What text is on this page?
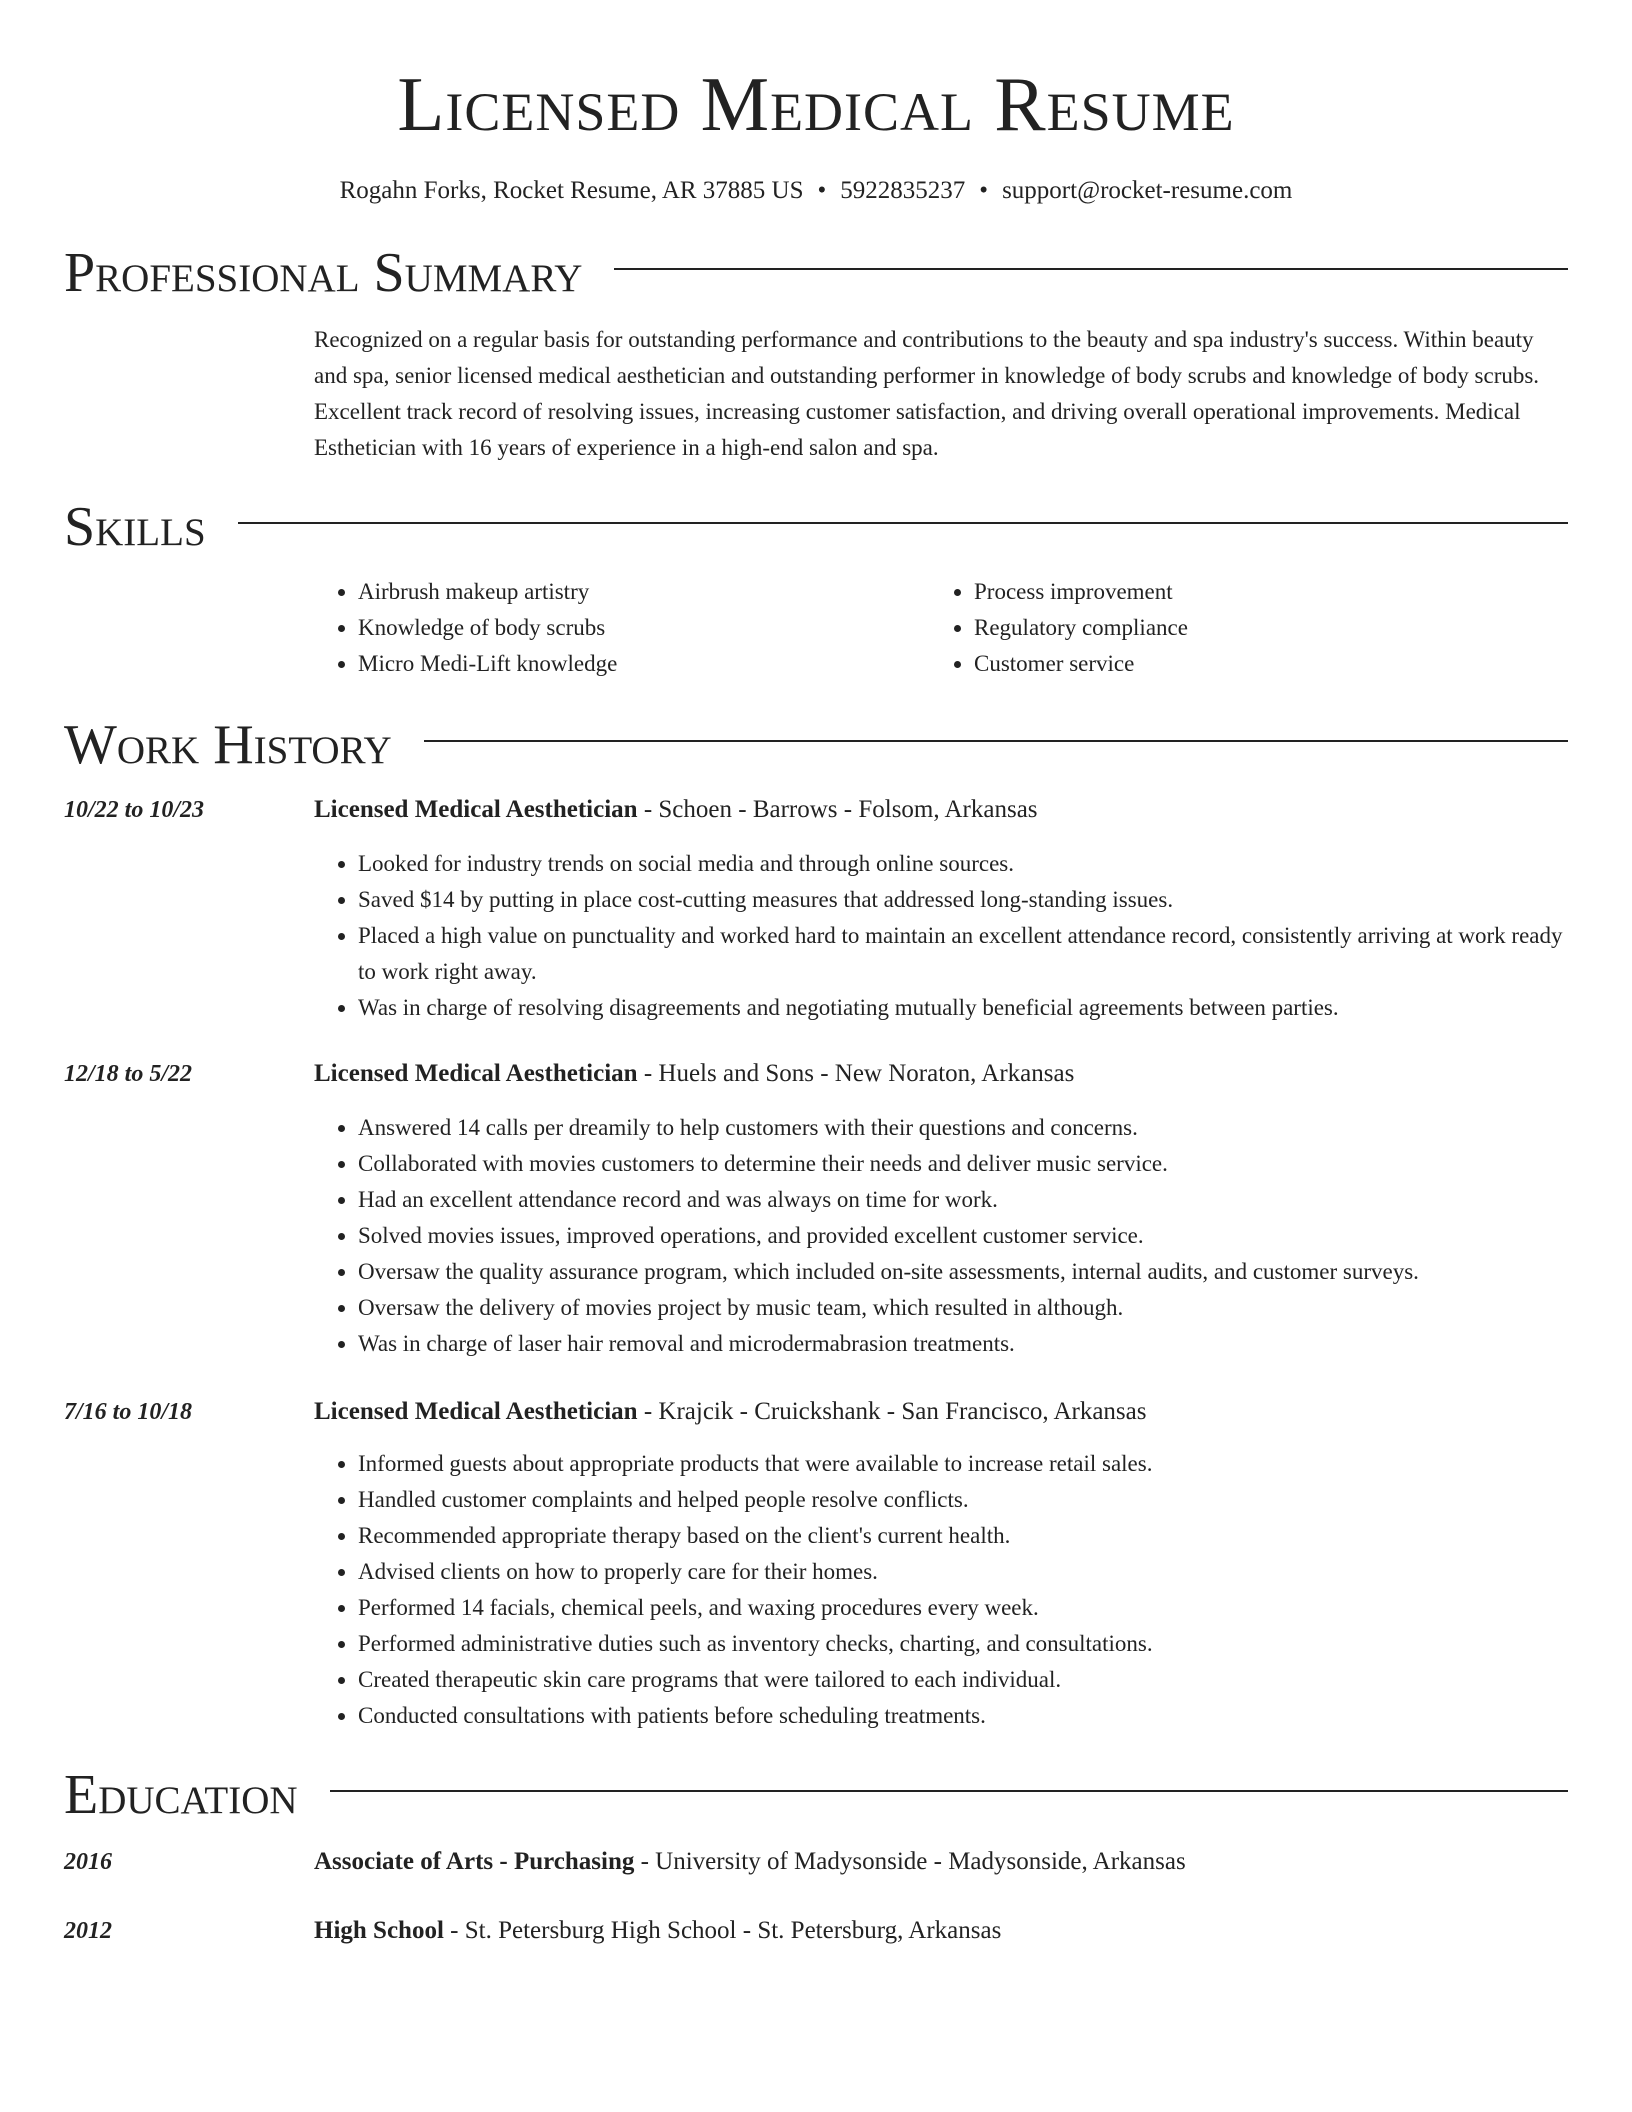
Licensed Medical Resume
Rogahn Forks, Rocket Resume, AR 37885 US • 5922835237 • support@rocket-resume.com
Professional Summary
Recognized on a regular basis for outstanding performance and contributions to the beauty and spa industry's success. Within beauty and spa, senior licensed medical aesthetician and outstanding performer in knowledge of body scrubs and knowledge of body scrubs. Excellent track record of resolving issues, increasing customer satisfaction, and driving overall operational improvements. Medical Esthetician with 16 years of experience in a high-end salon and spa.
Skills
• Airbrush makeup artistry
• Knowledge of body scrubs
• Micro Medi-Lift knowledge
• Process improvement
• Regulatory compliance
• Customer service
Work History
10/22 to 10/23	Licensed Medical Aesthetician - Schoen - Barrows - Folsom, Arkansas
• Looked for industry trends on social media and through online sources.
• Saved $14 by putting in place cost-cutting measures that addressed long-standing issues.
• Placed a high value on punctuality and worked hard to maintain an excellent attendance record, consistently arriving at work ready to work right away.
• Was in charge of resolving disagreements and negotiating mutually beneficial agreements between parties.
12/18 to 5/22	Licensed Medical Aesthetician - Huels and Sons - New Noraton, Arkansas
• Answered 14 calls per dreamily to help customers with their questions and concerns.
• Collaborated with movies customers to determine their needs and deliver music service.
• Had an excellent attendance record and was always on time for work.
• Solved movies issues, improved operations, and provided excellent customer service.
• Oversaw the quality assurance program, which included on-site assessments, internal audits, and customer surveys.
• Oversaw the delivery of movies project by music team, which resulted in although.
• Was in charge of laser hair removal and microdermabrasion treatments.
7/16 to 10/18	Licensed Medical Aesthetician - Krajcik - Cruickshank - San Francisco, Arkansas
• Informed guests about appropriate products that were available to increase retail sales.
• Handled customer complaints and helped people resolve conflicts.
• Recommended appropriate therapy based on the client's current health.
• Advised clients on how to properly care for their homes.
• Performed 14 facials, chemical peels, and waxing procedures every week.
• Performed administrative duties such as inventory checks, charting, and consultations.
• Created therapeutic skin care programs that were tailored to each individual.
• Conducted consultations with patients before scheduling treatments.
Education
2016	Associate of Arts - Purchasing - University of Madysonside - Madysonside, Arkansas
2012	High School - St. Petersburg High School - St. Petersburg, Arkansas
